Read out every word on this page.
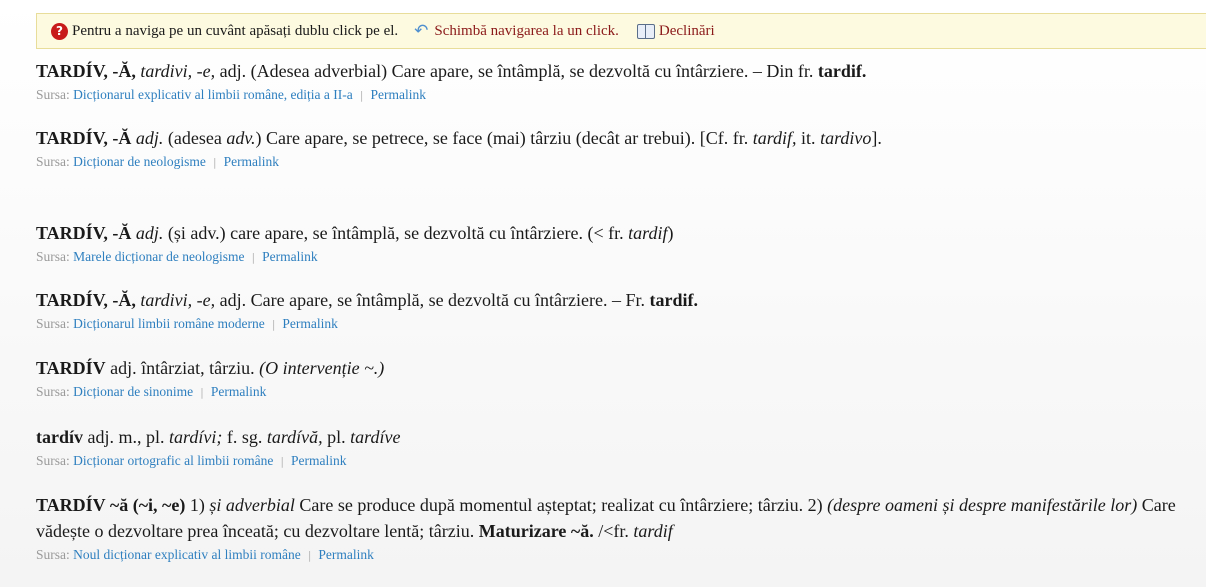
? Pentru a naviga pe un cuvânt apăsați dublu click pe el. ↶ Schimbă navigarea la un click.	Declinări

TARDÍV, -Ă, tardivi, -e, adj. (Adesea adverbial) Care apare, se întâmplă, se dezvoltă cu întârziere. – Din fr. tardif.

Sursa: Dicționarul explicativ al limbii române, ediția a II-a | Permalink

TARDÍV, -Ă adj. (adesea adv.) Care apare, se petrece, se face (mai) târziu (decât ar trebui). [Cf. fr. tardif, it. tardivo].

Sursa: Dicționar de neologisme | Permalink

TARDÍV, -Ă adj. (și adv.) care apare, se întâmplă, se dezvoltă cu întârziere. (< fr. tardif)

Sursa: Marele dicționar de neologisme | Permalink

TARDÍV, -Ă, tardivi, -e, adj. Care apare, se întâmplă, se dezvoltă cu întârziere. – Fr. tardif.

Sursa: Dicționarul limbii române moderne | Permalink

TARDÍV adj. întârziat, târziu. (O intervenție ~.)

Sursa: Dicționar de sinonime | Permalink

tardív adj. m., pl. tardívi; f. sg. tardívă, pl. tardíve

Sursa: Dicționar ortografic al limbii române | Permalink

TARDÍV ~ă (~i, ~e) 1) și adverbial Care se produce după momentul așteptat; realizat cu întârziere; târziu. 2) (despre oameni și despre manifestările lor) Care vădește o dezvoltare prea înceată; cu dezvoltare lentă; târziu. Maturizare ~ă. /<fr. tardif

Sursa: Noul dicționar explicativ al limbii române | Permalink
